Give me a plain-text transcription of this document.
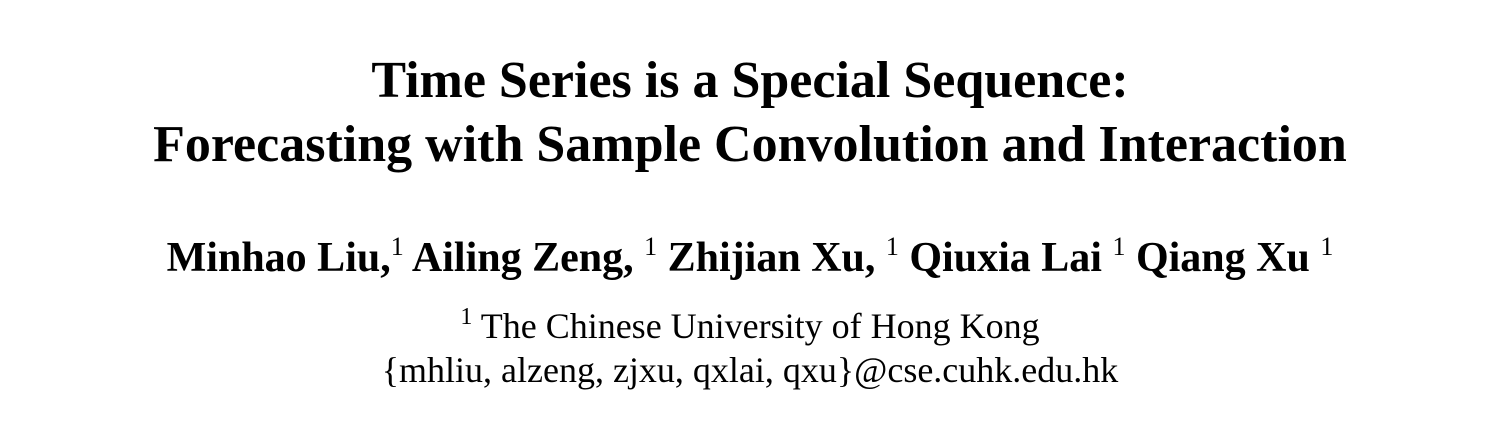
Time Series is a Special Sequence:
Forecasting with Sample Convolution and Interaction
Minhao Liu,$^1$ Ailing Zeng, $^1$ Zhijian Xu, $^1$ Qiuxia Lai $^1$ Qiang Xu $^1$
$^1$ The Chinese University of Hong Kong
{mhliu, alzeng, zjxu, qxlai, qxu}@cse.cuhk.edu.hk
